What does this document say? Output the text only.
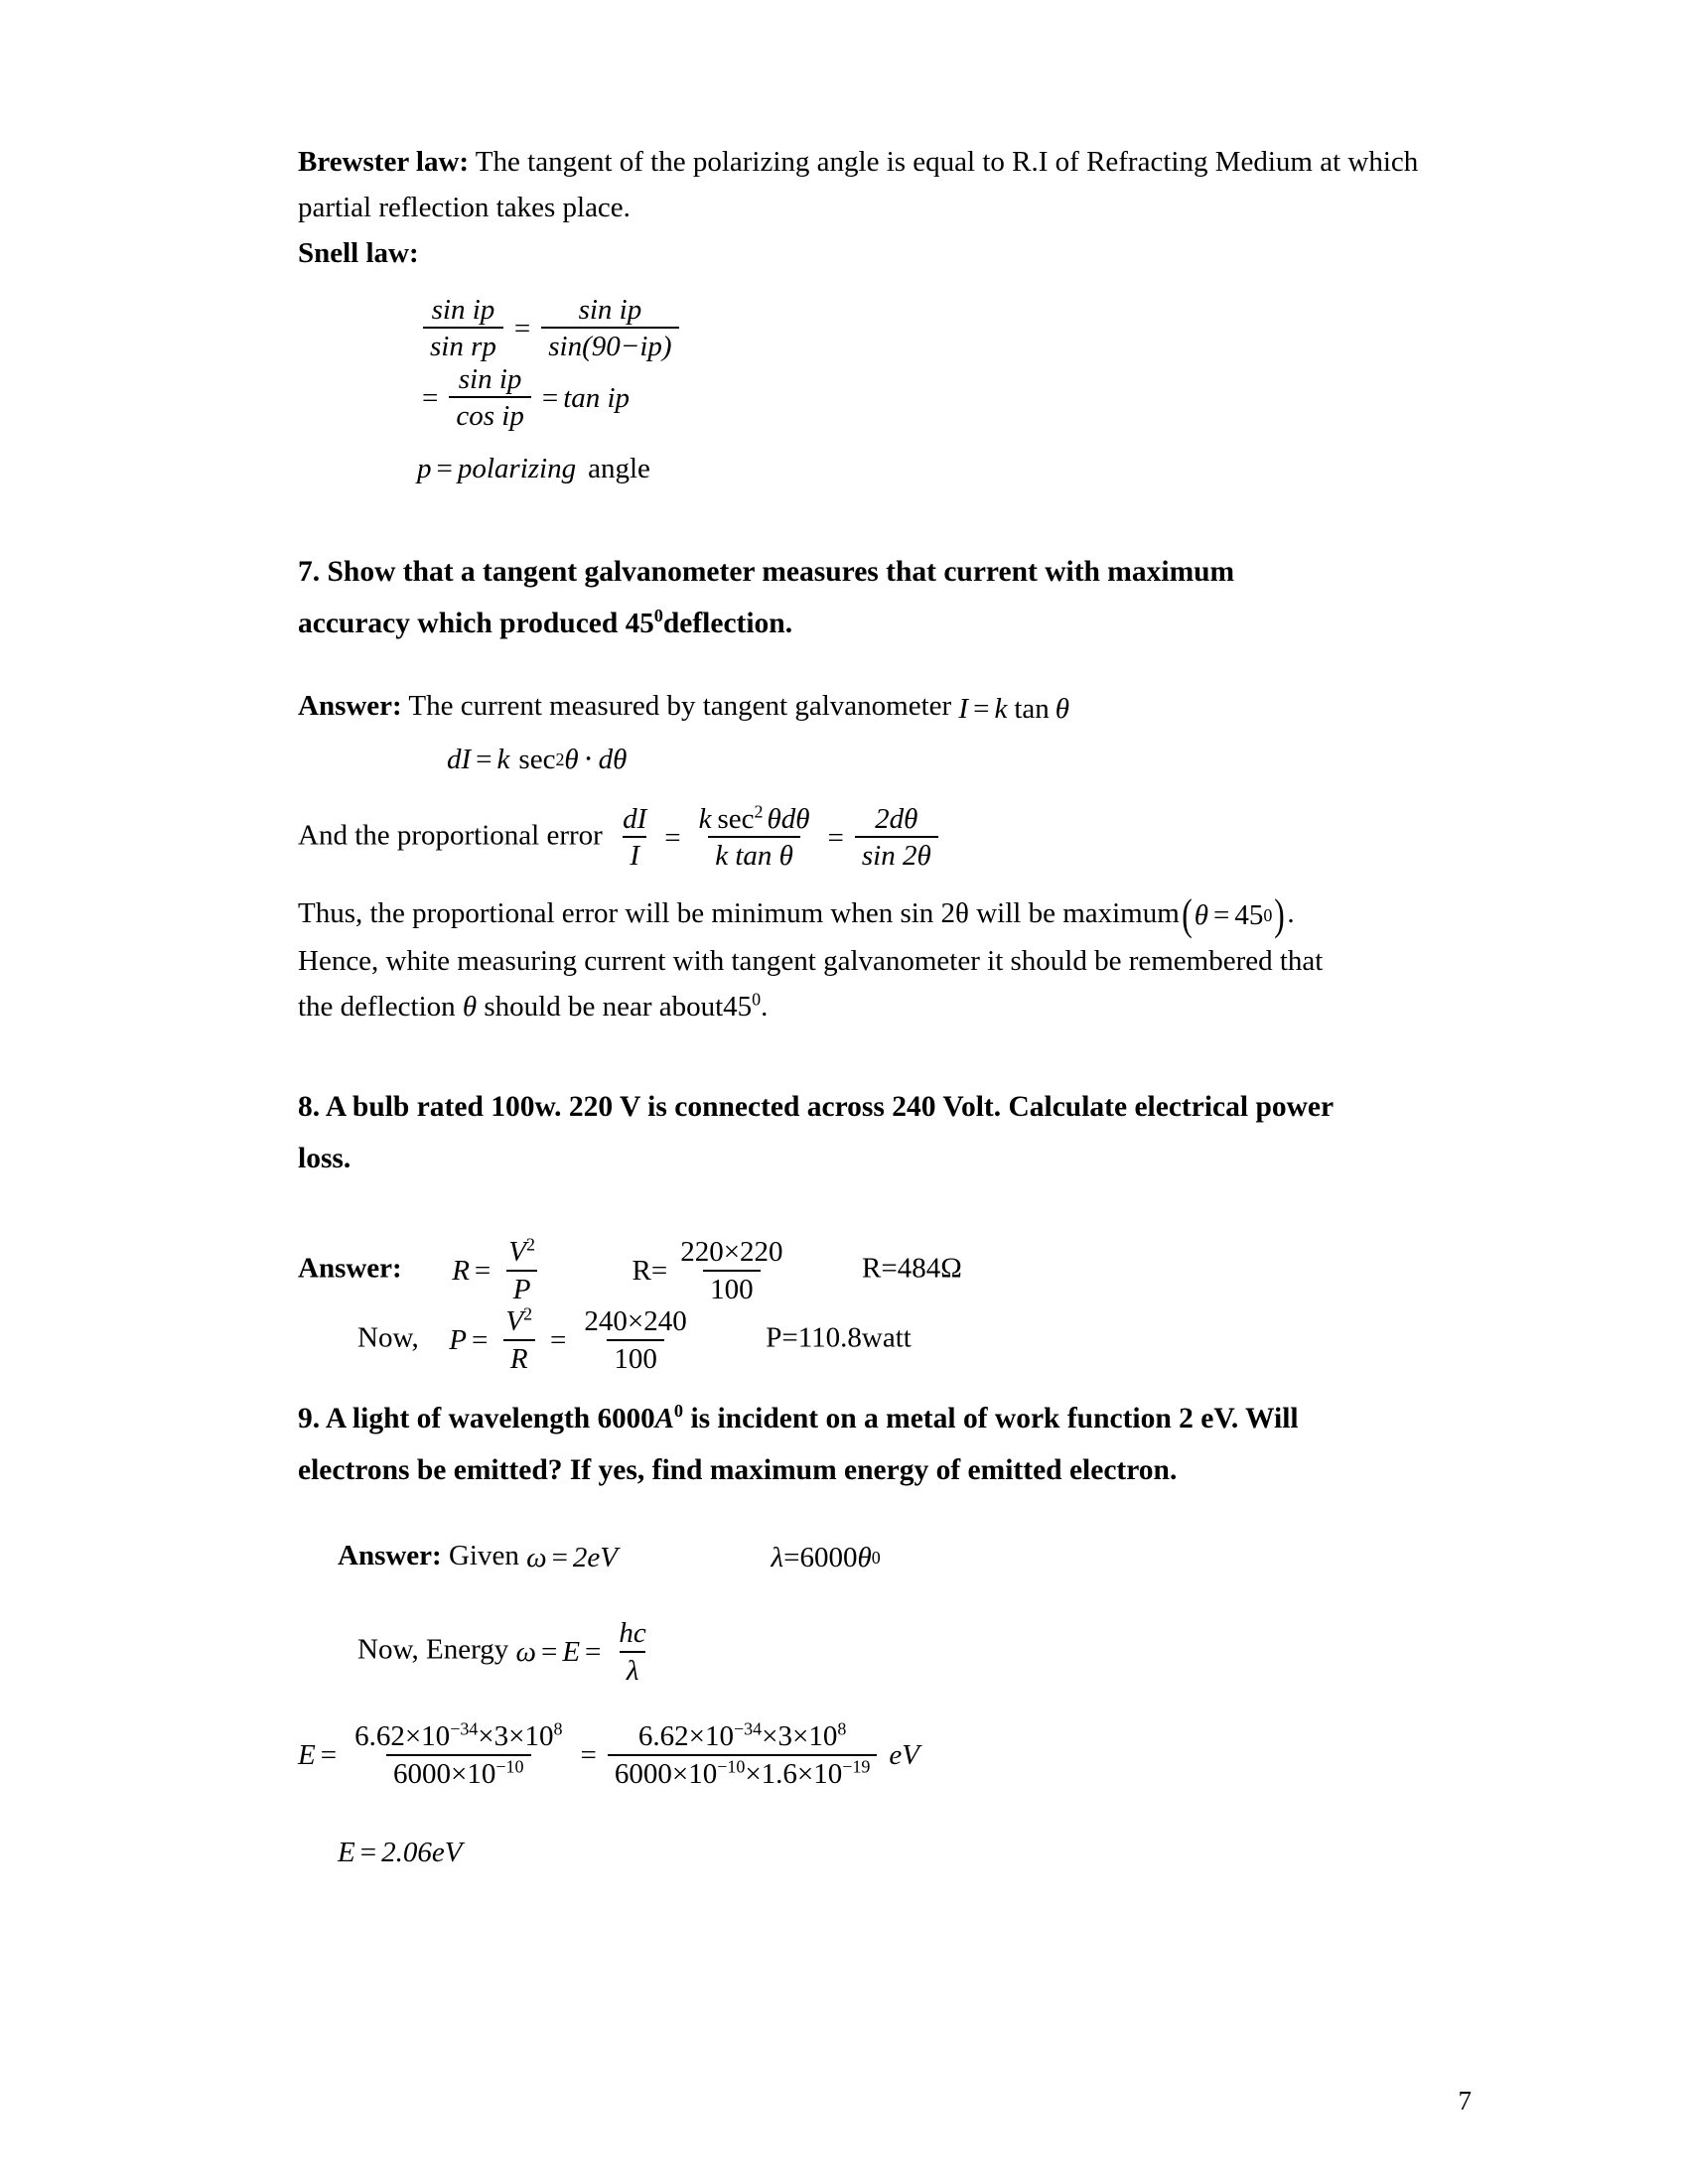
Brewster law: The tangent of the polarizing angle is equal to R.I of Refracting Medium at which partial reflection takes place.

Snell law:

$\frac{\text{sin ip}}{\text{sin rp}} = \frac{\text{sin ip}}{\sin(90-ip)}$
= $\frac{\text{sin ip}}{\text{cos ip}} = \tan$ ip
p = polarizing angle

7. Show that a tangent galvanometer measures that current with maximum

accuracy which produced $45^0deflection$.

Answer: The current measured by tangent galvanometer I = k tan θ

dI = k sec 2 θ ⋅ dθ
And the proportional error $\frac{dI}{I} = \frac{k \sec^2 \theta d\theta}{\text{k tan θ}} = \frac{2d\theta}{\sin 2\theta}$

Thus, the proportional error will be minimum when sin 2θ will be maximum ( θ = 45 0 ) .

Hence, white measuring current with tangent galvanometer it should be remembered that

the deflection θ should be near $about45^0$.

8. A bulb rated 100w. 220 V is connected across 240 Volt. Calculate electrical power

loss.

Answer: $R = \frac{V^2}{P}$
	$R= \frac{220\times 220}{100}$	R=484Ω
Now, $P = \frac{V^2}{R} = \frac{240\times 240}{100}$	P=110.8watt

9. A light of wavelength $6000A^0$ is incident on a metal of work function 2 eV. Will

electrons be emitted? If yes, find maximum energy of emitted electron.

Answer: Given ω = 2eV
	λ = 6000 θ 0
Now, Energy $\omega = E = \frac{hc}{\lambda}$
$E = \frac{6.62\times 10^{-34}\times 3\times 10^8}{6000\times 10^{-10}} = \frac{6.62\times 10^{-34}\times 3\times 10^8}{6000\times 10^{-10}\times 1.6\times 10^{-19}}$ eV
E = 2.06eV
7
